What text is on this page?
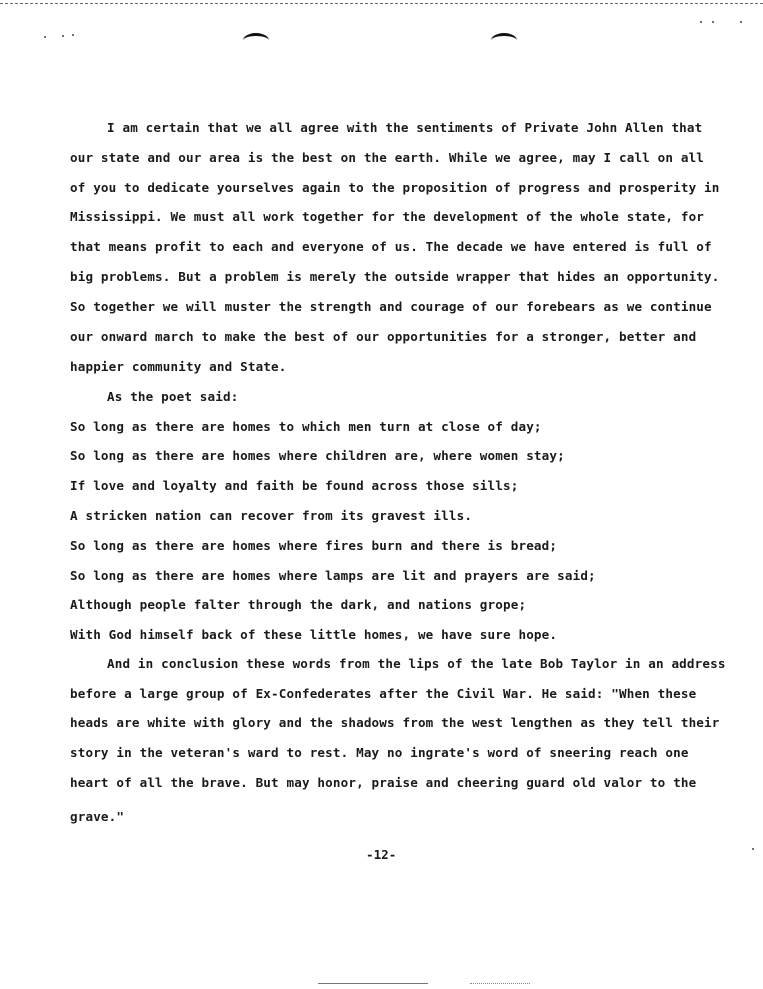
I am certain that we all agree with the sentiments of Private John Allen that
our state and our area is the best on the earth. While we agree, may I call on all
of you to dedicate yourselves again to the proposition of progress and prosperity in
Mississippi. We must all work together for the development of the whole state, for
that means profit to each and everyone of us. The decade we have entered is full of
big problems. But a problem is merely the outside wrapper that hides an opportunity.
So together we will muster the strength and courage of our forebears as we continue
our onward march to make the best of our opportunities for a stronger, better and
happier community and State.
As the poet said:
So long as there are homes to which men turn at close of day;
So long as there are homes where children are, where women stay;
If love and loyalty and faith be found across those sills;
A stricken nation can recover from its gravest ills.
So long as there are homes where fires burn and there is bread;
So long as there are homes where lamps are lit and prayers are said;
Although people falter through the dark, and nations grope;
With God himself back of these little homes, we have sure hope.
And in conclusion these words from the lips of the late Bob Taylor in an address
before a large group of Ex-Confederates after the Civil War. He said: "When these
heads are white with glory and the shadows from the west lengthen as they tell their
story in the veteran's ward to rest. May no ingrate's word of sneering reach one
heart of all the brave. But may honor, praise and cheering guard old valor to the
grave."
-12-
